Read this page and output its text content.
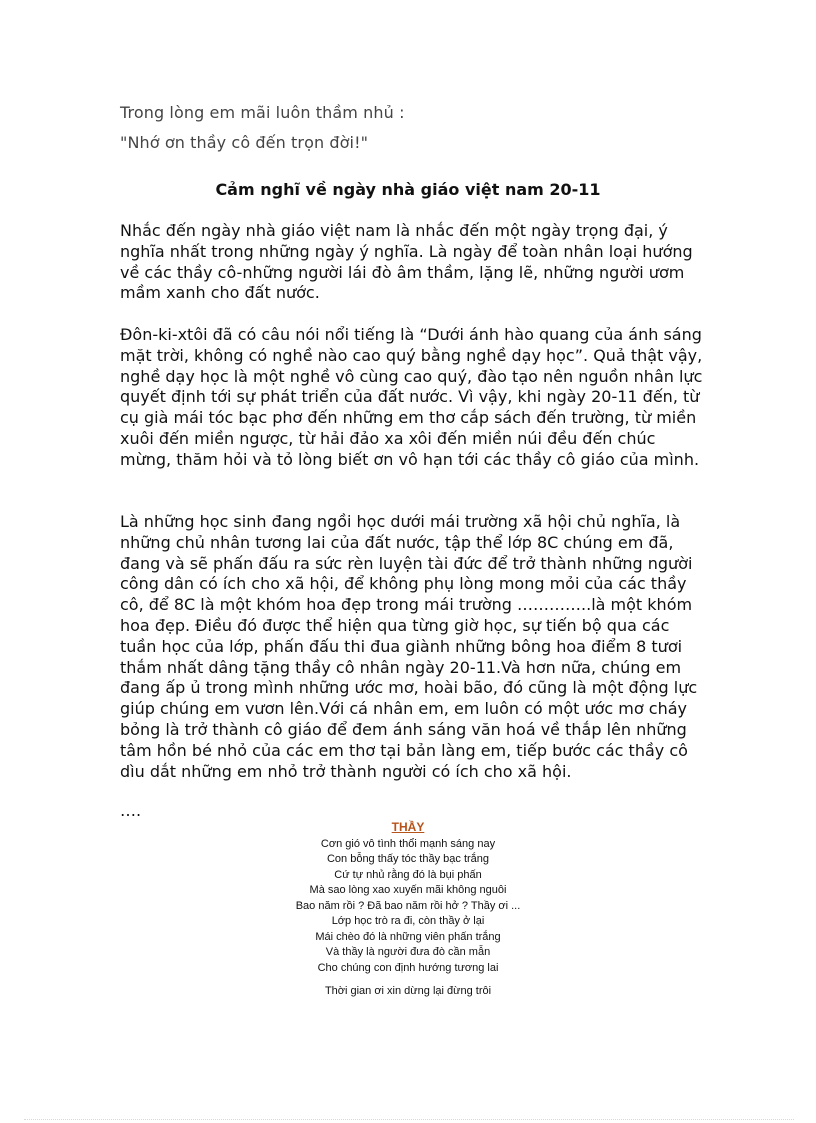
Trong lòng em mãi luôn thầm nhủ :
"Nhớ ơn thầy cô đến trọn đời!"
Cảm nghĩ về ngày nhà giáo việt nam 20-11
Nhắc đến ngày nhà giáo việt nam là nhắc đến một ngày trọng đại, ý nghĩa nhất trong những ngày ý nghĩa. Là ngày để toàn nhân loại hướng về các thầy cô-những người lái đò âm thầm, lặng lẽ, những người ươm mầm xanh cho đất nước.
Đôn-ki-xtôi đã có câu nói nổi tiếng là “Dưới ánh hào quang của ánh sáng mặt trời, không có nghề nào cao quý bằng nghề dạy học”. Quả thật vậy, nghề dạy học là một nghề vô cùng cao quý, đào tạo nên nguồn nhân lực quyết định tới sự phát triển của đất nước. Vì vậy, khi ngày 20-11 đến, từ cụ già mái tóc bạc phơ đến những em thơ cắp sách đến trường, từ miền xuôi đến miền ngược, từ hải đảo xa xôi đến miền núi đều đến chúc mừng, thăm hỏi và tỏ lòng biết ơn vô hạn tới các thầy cô giáo của mình.
Là những học sinh đang ngồi học dưới mái trường xã hội chủ nghĩa, là những chủ nhân tương lai của đất nước, tập thể lớp 8C chúng em đã, đang và sẽ phấn đấu ra sức rèn luyện tài đức để trở thành những người công dân có ích cho xã hội, để không phụ lòng mong mỏi của các thầy cô, để 8C là một khóm hoa đẹp trong mái trường …………..là một khóm hoa đẹp. Điều đó được thể hiện qua từng giờ học, sự tiến bộ qua các tuần học của lớp, phấn đấu thi đua giành những bông hoa điểm 8 tươi thắm nhất dâng tặng thầy cô nhân ngày 20-11.Và hơn nữa, chúng em đang ấp ủ trong mình những ước mơ, hoài bão, đó cũng là một động lực giúp chúng em vươn lên.Với cá nhân em, em luôn có một ước mơ cháy bỏng là trở thành cô giáo để đem ánh sáng văn hoá về thắp lên những tâm hồn bé nhỏ của các em thơ tại bản làng em, tiếp bước các thầy cô dìu dắt những em nhỏ trở thành người có ích cho xã hội.
….
THẦY
Cơn gió vô tình thổi mạnh sáng nay
Con bỗng thấy tóc thầy bạc trắng
Cứ tự nhủ rằng đó là bụi phấn
Mà sao lòng xao xuyến mãi không nguôi
Bao năm rồi ? Đã bao năm rồi hở ? Thầy ơi ...
Lớp học trò ra đi, còn thầy ở lại
Mái chèo đó là những viên phấn trắng
Và thầy là người đưa đò cần mẫn
Cho chúng con định hướng tương lai
Thời gian ơi xin dừng lại đừng trôi
